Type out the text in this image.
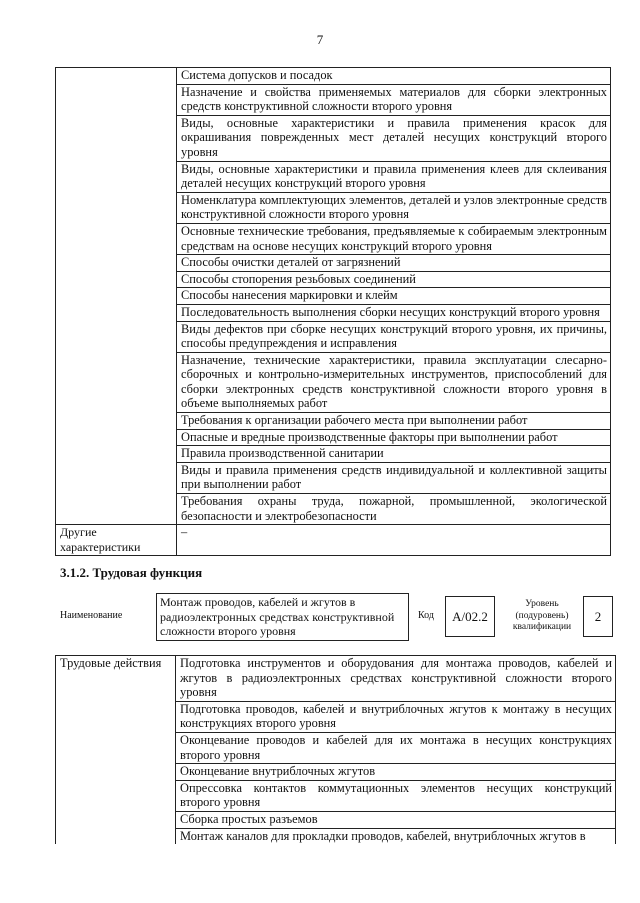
7
	Система допусков и посадок
	Назначение и свойства применяемых материалов для сборки электронных средств конструктивной сложности второго уровня
	Виды, основные характеристики и правила применения красок для окрашивания поврежденных мест деталей несущих конструкций второго уровня
	Виды, основные характеристики и правила применения клеев для склеивания деталей несущих конструкций второго уровня
	Номенклатура комплектующих элементов, деталей и узлов электронные средств конструктивной сложности второго уровня
	Основные технические требования, предъявляемые к собираемым электронным средствам на основе несущих конструкций второго уровня
	Способы очистки деталей от загрязнений
	Способы стопорения резьбовых соединений
	Способы нанесения маркировки и клейм
	Последовательность выполнения сборки несущих конструкций второго уровня
	Виды дефектов при сборке несущих конструкций второго уровня, их причины, способы предупреждения и исправления
	Назначение, технические характеристики, правила эксплуатации слесарно-сборочных и контрольно-измерительных инструментов, приспособлений для сборки электронных средств конструктивной сложности второго уровня в объеме выполняемых работ
	Требования к организации рабочего места при выполнении работ
	Опасные и вредные производственные факторы при выполнении работ
	Правила производственной санитарии
	Виды и правила применения средств индивидуальной и коллективной защиты при выполнении работ
	Требования охраны труда, пожарной, промышленной, экологической безопасности и электробезопасности
Другие характеристики	–
3.1.2. Трудовая функция
Наименование
Монтаж проводов, кабелей и жгутов в радиоэлектронных средствах конструктивной сложности второго уровня
Код	А/02.2
Уровень (подуровень) квалификации
2
Трудовые действия	Подготовка инструментов и оборудования для монтажа проводов, кабелей и жгутов в радиоэлектронных средствах конструктивной сложности второго уровня
Подготовка проводов, кабелей и внутриблочных жгутов к монтажу в несущих конструкциях второго уровня
Оконцевание проводов и кабелей для их монтажа в несущих конструкциях второго уровня
Оконцевание внутриблочных жгутов
Опрессовка контактов коммутационных элементов несущих конструкций второго уровня
Сборка простых разъемов
Монтаж каналов для прокладки проводов, кабелей, внутриблочных жгутов в
